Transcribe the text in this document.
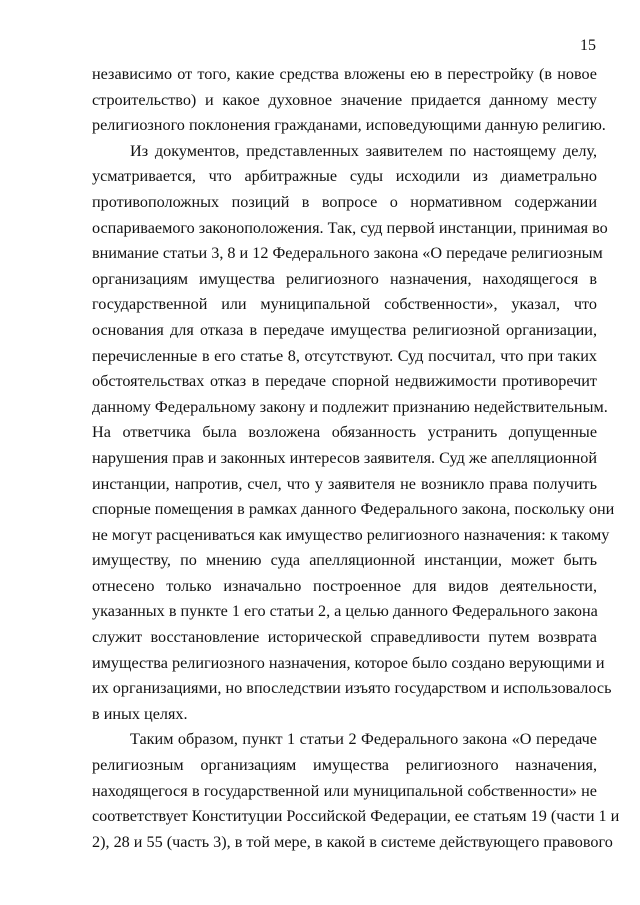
15
независимо от того, какие средства вложены ею в перестройку (в новое
строительство) и какое духовное значение придается данному месту
религиозного поклонения гражданами, исповедующими данную религию.
Из документов, представленных заявителем по настоящему делу,
усматривается, что арбитражные суды исходили из диаметрально
противоположных позиций в вопросе о нормативном содержании
оспариваемого законоположения. Так, суд первой инстанции, принимая во
внимание статьи 3, 8 и 12 Федерального закона «О передаче религиозным
организациям имущества религиозного назначения, находящегося в
государственной или муниципальной собственности», указал, что
основания для отказа в передаче имущества религиозной организации,
перечисленные в его статье 8, отсутствуют. Суд посчитал, что при таких
обстоятельствах отказ в передаче спорной недвижимости противоречит
данному Федеральному закону и подлежит признанию недействительным.
На ответчика была возложена обязанность устранить допущенные
нарушения прав и законных интересов заявителя. Суд же апелляционной
инстанции, напротив, счел, что у заявителя не возникло права получить
спорные помещения в рамках данного Федерального закона, поскольку они
не могут расцениваться как имущество религиозного назначения: к такому
имуществу, по мнению суда апелляционной инстанции, может быть
отнесено только изначально построенное для видов деятельности,
указанных в пункте 1 его статьи 2, а целью данного Федерального закона
служит восстановление исторической справедливости путем возврата
имущества религиозного назначения, которое было создано верующими и
их организациями, но впоследствии изъято государством и использовалось
в иных целях.
Таким образом, пункт 1 статьи 2 Федерального закона «О передаче
религиозным организациям имущества религиозного назначения,
находящегося в государственной или муниципальной собственности» не
соответствует Конституции Российской Федерации, ее статьям 19 (части 1 и
2), 28 и 55 (часть 3), в той мере, в какой в системе действующего правового
